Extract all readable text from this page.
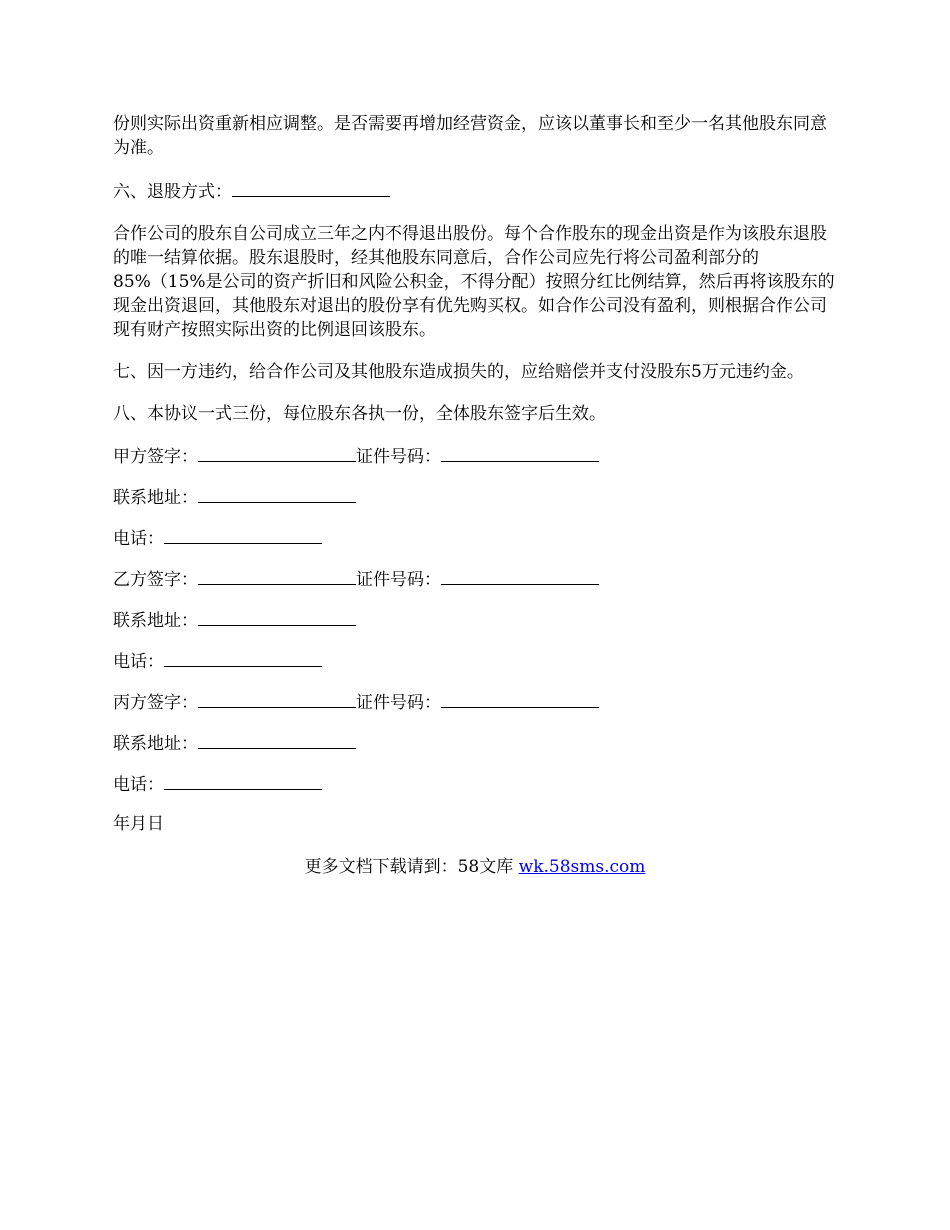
份则实际出资重新相应调整。是否需要再增加经营资金，应该以董事长和至少一名其他股东同意为准。

六、退股方式：

合作公司的股东自公司成立三年之内不得退出股份。每个合作股东的现金出资是作为该股东退股的唯一结算依据。股东退股时，经其他股东同意后，合作公司应先行将公司盈利部分的85%（15%是公司的资产折旧和风险公积金，不得分配）按照分红比例结算，然后再将该股东的现金出资退回，其他股东对退出的股份享有优先购买权。如合作公司没有盈利，则根据合作公司现有财产按照实际出资的比例退回该股东。

七、因一方违约，给合作公司及其他股东造成损失的，应给赔偿并支付没股东5万元违约金。

八、本协议一式三份，每位股东各执一份，全体股东签字后生效。

甲方签字：	证件号码：

联系地址：

电话：

乙方签字：	证件号码：

联系地址：

电话：

丙方签字：	证件号码：

联系地址：

电话：

年月日

更多文档下载请到：58文库 wk.58sms.com
